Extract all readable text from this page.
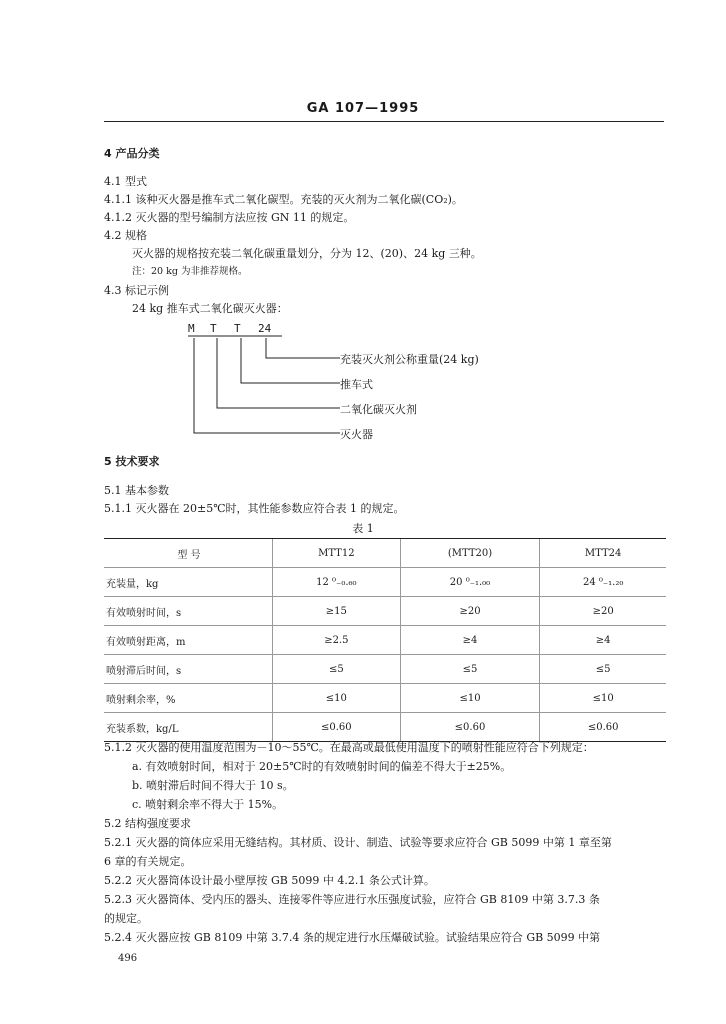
GA 107—1995
4 产品分类
4.1 型式
4.1.1 该种灭火器是推车式二氧化碳型。充装的灭火剂为二氧化碳(CO₂)。
4.1.2 灭火器的型号编制方法应按 GN 11 的规定。
4.2 规格
灭火器的规格按充装二氧化碳重量划分，分为 12、(20)、24 kg 三种。
注：20 kg 为非推荐规格。
4.3 标记示例
24 kg 推车式二氧化碳灭火器：
M T T 24
充装灭火剂公称重量(24 kg)
推车式
二氧化碳灭火剂
灭火器
5 技术要求
5.1 基本参数
5.1.1 灭火器在 20±5℃时，其性能参数应符合表 1 的规定。
表 1
型 号	MTT12	(MTT20)	MTT24
充装量，kg	12 ⁰₋₀.₆₀	20 ⁰₋₁.₀₀	24 ⁰₋₁.₂₀
有效喷射时间，s	≥15	≥20	≥20
有效喷射距离，m	≥2.5	≥4	≥4
喷射滞后时间，s	≤5	≤5	≤5
喷射剩余率，%	≤10	≤10	≤10
充装系数，kg/L	≤0.60	≤0.60	≤0.60
5.1.2 灭火器的使用温度范围为－10～55℃。在最高或最低使用温度下的喷射性能应符合下列规定：
a. 有效喷射时间，相对于 20±5℃时的有效喷射时间的偏差不得大于±25%。
b. 喷射滞后时间不得大于 10 s。
c. 喷射剩余率不得大于 15%。
5.2 结构强度要求
5.2.1 灭火器的筒体应采用无缝结构。其材质、设计、制造、试验等要求应符合 GB 5099 中第 1 章至第
6 章的有关规定。
5.2.2 灭火器筒体设计最小壁厚按 GB 5099 中 4.2.1 条公式计算。
5.2.3 灭火器筒体、受内压的器头、连接零件等应进行水压强度试验，应符合 GB 8109 中第 3.7.3 条
的规定。
5.2.4 灭火器应按 GB 8109 中第 3.7.4 条的规定进行水压爆破试验。试验结果应符合 GB 5099 中第
496
